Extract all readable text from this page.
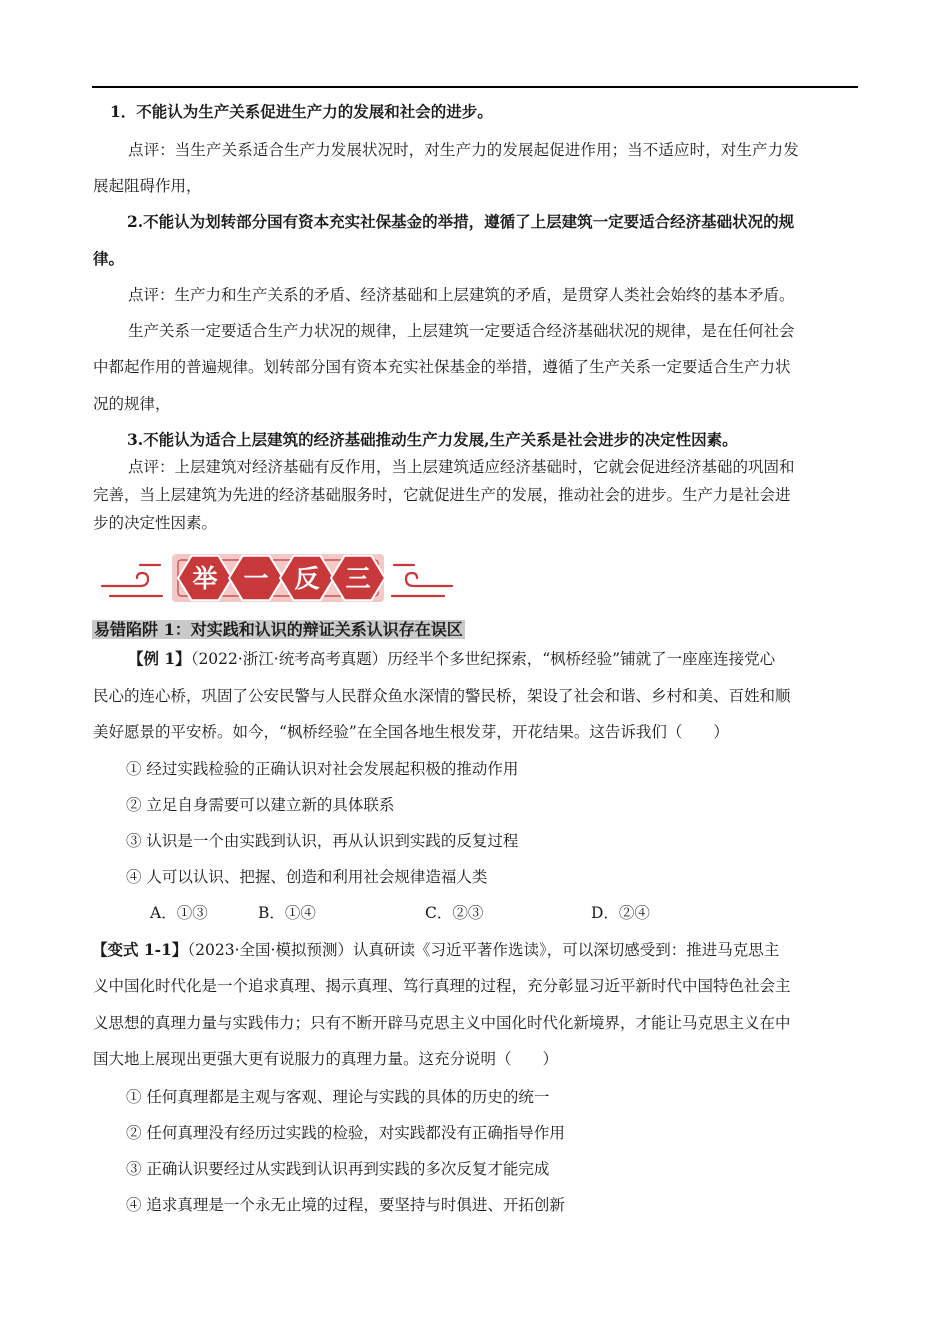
1．不能认为生产关系促进生产力的发展和社会的进步。
点评：当生产关系适合生产力发展状况时，对生产力的发展起促进作用；当不适应时，对生产力发
展起阻碍作用，
2.不能认为划转部分国有资本充实社保基金的举措，遵循了上层建筑一定要适合经济基础状况的规
律。
点评：生产力和生产关系的矛盾、经济基础和上层建筑的矛盾，是贯穿人类社会始终的基本矛盾。
生产关系一定要适合生产力状况的规律，上层建筑一定要适合经济基础状况的规律，是在任何社会
中都起作用的普遍规律。划转部分国有资本充实社保基金的举措，遵循了生产关系一定要适合生产力状
况的规律，
3.不能认为适合上层建筑的经济基础推动生产力发展,生产关系是社会进步的决定性因素。
点评：上层建筑对经济基础有反作用，当上层建筑适应经济基础时，它就会促进经济基础的巩固和
完善，当上层建筑为先进的经济基础服务时，它就促进生产的发展，推动社会的进步。生产力是社会进
步的决定性因素。
举 一 反 三
易错陷阱 1：对实践和认识的辩证关系认识存在误区
【例 1】（2022·浙江·统考高考真题）历经半个多世纪探索，“枫桥经验”铺就了一座座连接党心
民心的连心桥，巩固了公安民警与人民群众鱼水深情的警民桥，架设了社会和谐、乡村和美、百姓和顺
美好愿景的平安桥。如今，“枫桥经验”在全国各地生根发芽，开花结果。这告诉我们（　　）
① 经过实践检验的正确认识对社会发展起积极的推动作用
② 立足自身需要可以建立新的具体联系
③ 认识是一个由实践到认识，再从认识到实践的反复过程
④ 人可以认识、把握、创造和利用社会规律造福人类
A．①③	B．①④	C．②③	D．②④
【变式 1-1】（2023·全国·模拟预测）认真研读《习近平著作选读》，可以深切感受到：推进马克思主
义中国化时代化是一个追求真理、揭示真理、笃行真理的过程，充分彰显习近平新时代中国特色社会主
义思想的真理力量与实践伟力；只有不断开辟马克思主义中国化时代化新境界，才能让马克思主义在中
国大地上展现出更强大更有说服力的真理力量。这充分说明（　　）
① 任何真理都是主观与客观、理论与实践的具体的历史的统一
② 任何真理没有经历过实践的检验，对实践都没有正确指导作用
③ 正确认识要经过从实践到认识再到实践的多次反复才能完成
④ 追求真理是一个永无止境的过程，要坚持与时俱进、开拓创新
